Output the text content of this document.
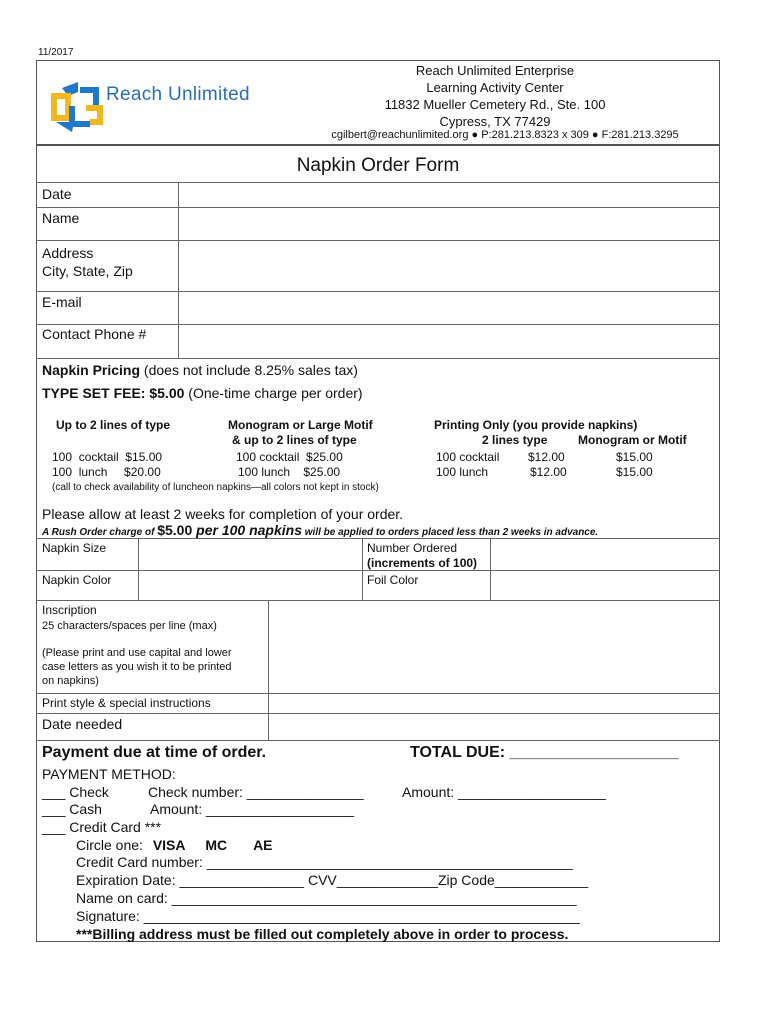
11/2017
Reach Unlimited
Reach Unlimited Enterprise
Learning Activity Center
11832 Mueller Cemetery Rd., Ste. 100
Cypress, TX 77429
cgilbert@reachunlimited.org ● P:281.213.8323 x 309 ● F:281.213.3295
Napkin Order Form
Date
Name
Address
City, State, Zip
E-mail
Contact Phone #
Napkin Pricing (does not include 8.25% sales tax)
TYPE SET FEE: $5.00 (One-time charge per order)
Up to 2 lines of type
100  cocktail  $15.00
100  lunch     $20.00
Monogram or Large Motif
& up to 2 lines of type
100 cocktail  $25.00
100 lunch    $25.00
Printing Only (you provide napkins)
2 lines type	Monogram or Motif
100 cocktail $12.00	$15.00
100 lunch	$12.00	$15.00
(call to check availability of luncheon napkins—all colors not kept in stock)
Please allow at least 2 weeks for completion of your order.
A Rush Order charge of $5.00 per 100 napkins will be applied to orders placed less than 2 weeks in advance.
Napkin Size	Number Ordered
(increments of 100)
Napkin Color	Foil Color
Inscription
25 characters/spaces per line (max)
(Please print and use capital and lower
case letters as you wish it to be printed
on napkins)
Print style & special instructions
Date needed
Payment due at time of order.	TOTAL DUE: ___________________
PAYMENT METHOD:
___ Check	Check number: _______________	Amount: ___________________
___ Cash	Amount: ___________________
___ Credit Card ***
Circle one: VISA MC AE
Credit Card number: _______________________________________________
Expiration Date: ________________ CVV_____________Zip Code____________
Name on card: ____________________________________________________
Signature: ________________________________________________________
***Billing address must be filled out completely above in order to process.
